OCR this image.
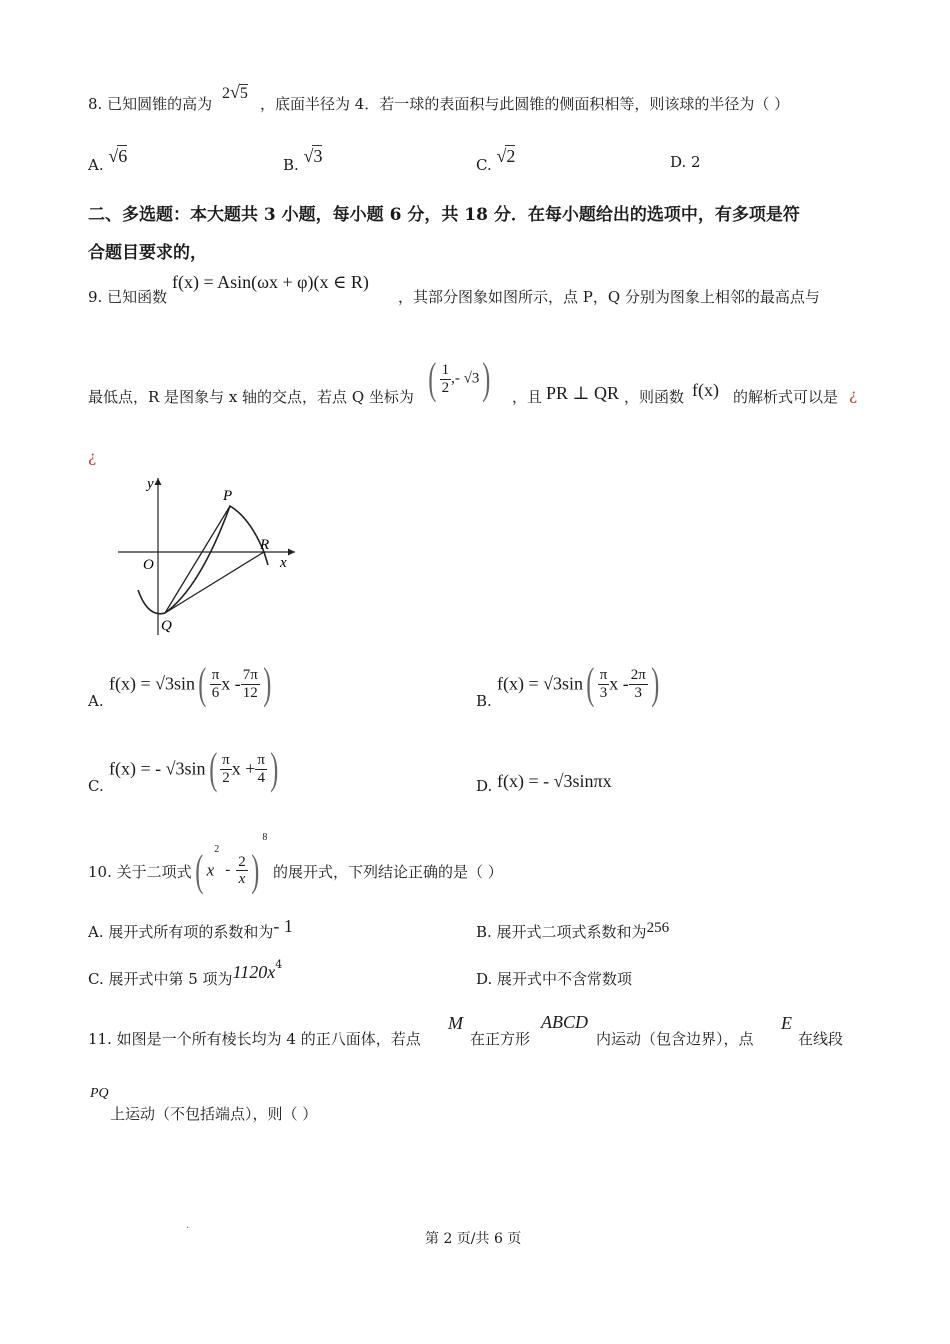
8. 已知圆锥的高为
2√5
，底面半径为 4．若一球的表面积与此圆锥的侧面积相等，则该球的半径为（ ）
A. √6	B. √3	C. √2	D. 2
二、多选题：本大题共 3 小题，每小题 6 分，共 18 分．在每小题给出的选项中，有多项是符
合题目要求的，
9. 已知函数
f(x) = Asin(ωx + φ)(x ∈ R)
，其部分图象如图所示，点 P，Q 分别为图象上相邻的最高点与
最低点，R 是图象与 x 轴的交点，若点 Q 坐标为 ( $\frac{1}{2}$ ,- √3) ，且 PR ⊥ QR ，则函数 f(x) 的解析式可以是 ¿
¿
y
x
O
P
Q
R
A.
$f(x) = √3\sin( \frac{\pi}{6}$ x - $\frac{7\pi}{12}$ )	B.
$f(x) = √3\sin( \frac{\pi}{3}$ x - $\frac{2\pi}{3}$ )
C.
f(x) = - $√3\sin( \frac{\pi}{2}$ $x + \frac{\pi}{4}$ )	D. f(x) = - √3sinπx
10. 关于二项式 ( $x^2- \frac{2}{x} )^8$
的展开式，下列结论正确的是（ ）
A. 展开式所有项的系数和为- 1	B. 展开式二项式系数和为256
C. 展开式中第 5 项为$1120x^4$
D. 展开式中不含常数项
11. 如图是一个所有棱长均为 4 的正八面体，若点
M
在正方形
ABCD
内运动（包含边界），点
E
在线段
PQ
上运动（不包括端点），则（ ）
.
第 2 页/共 6 页
